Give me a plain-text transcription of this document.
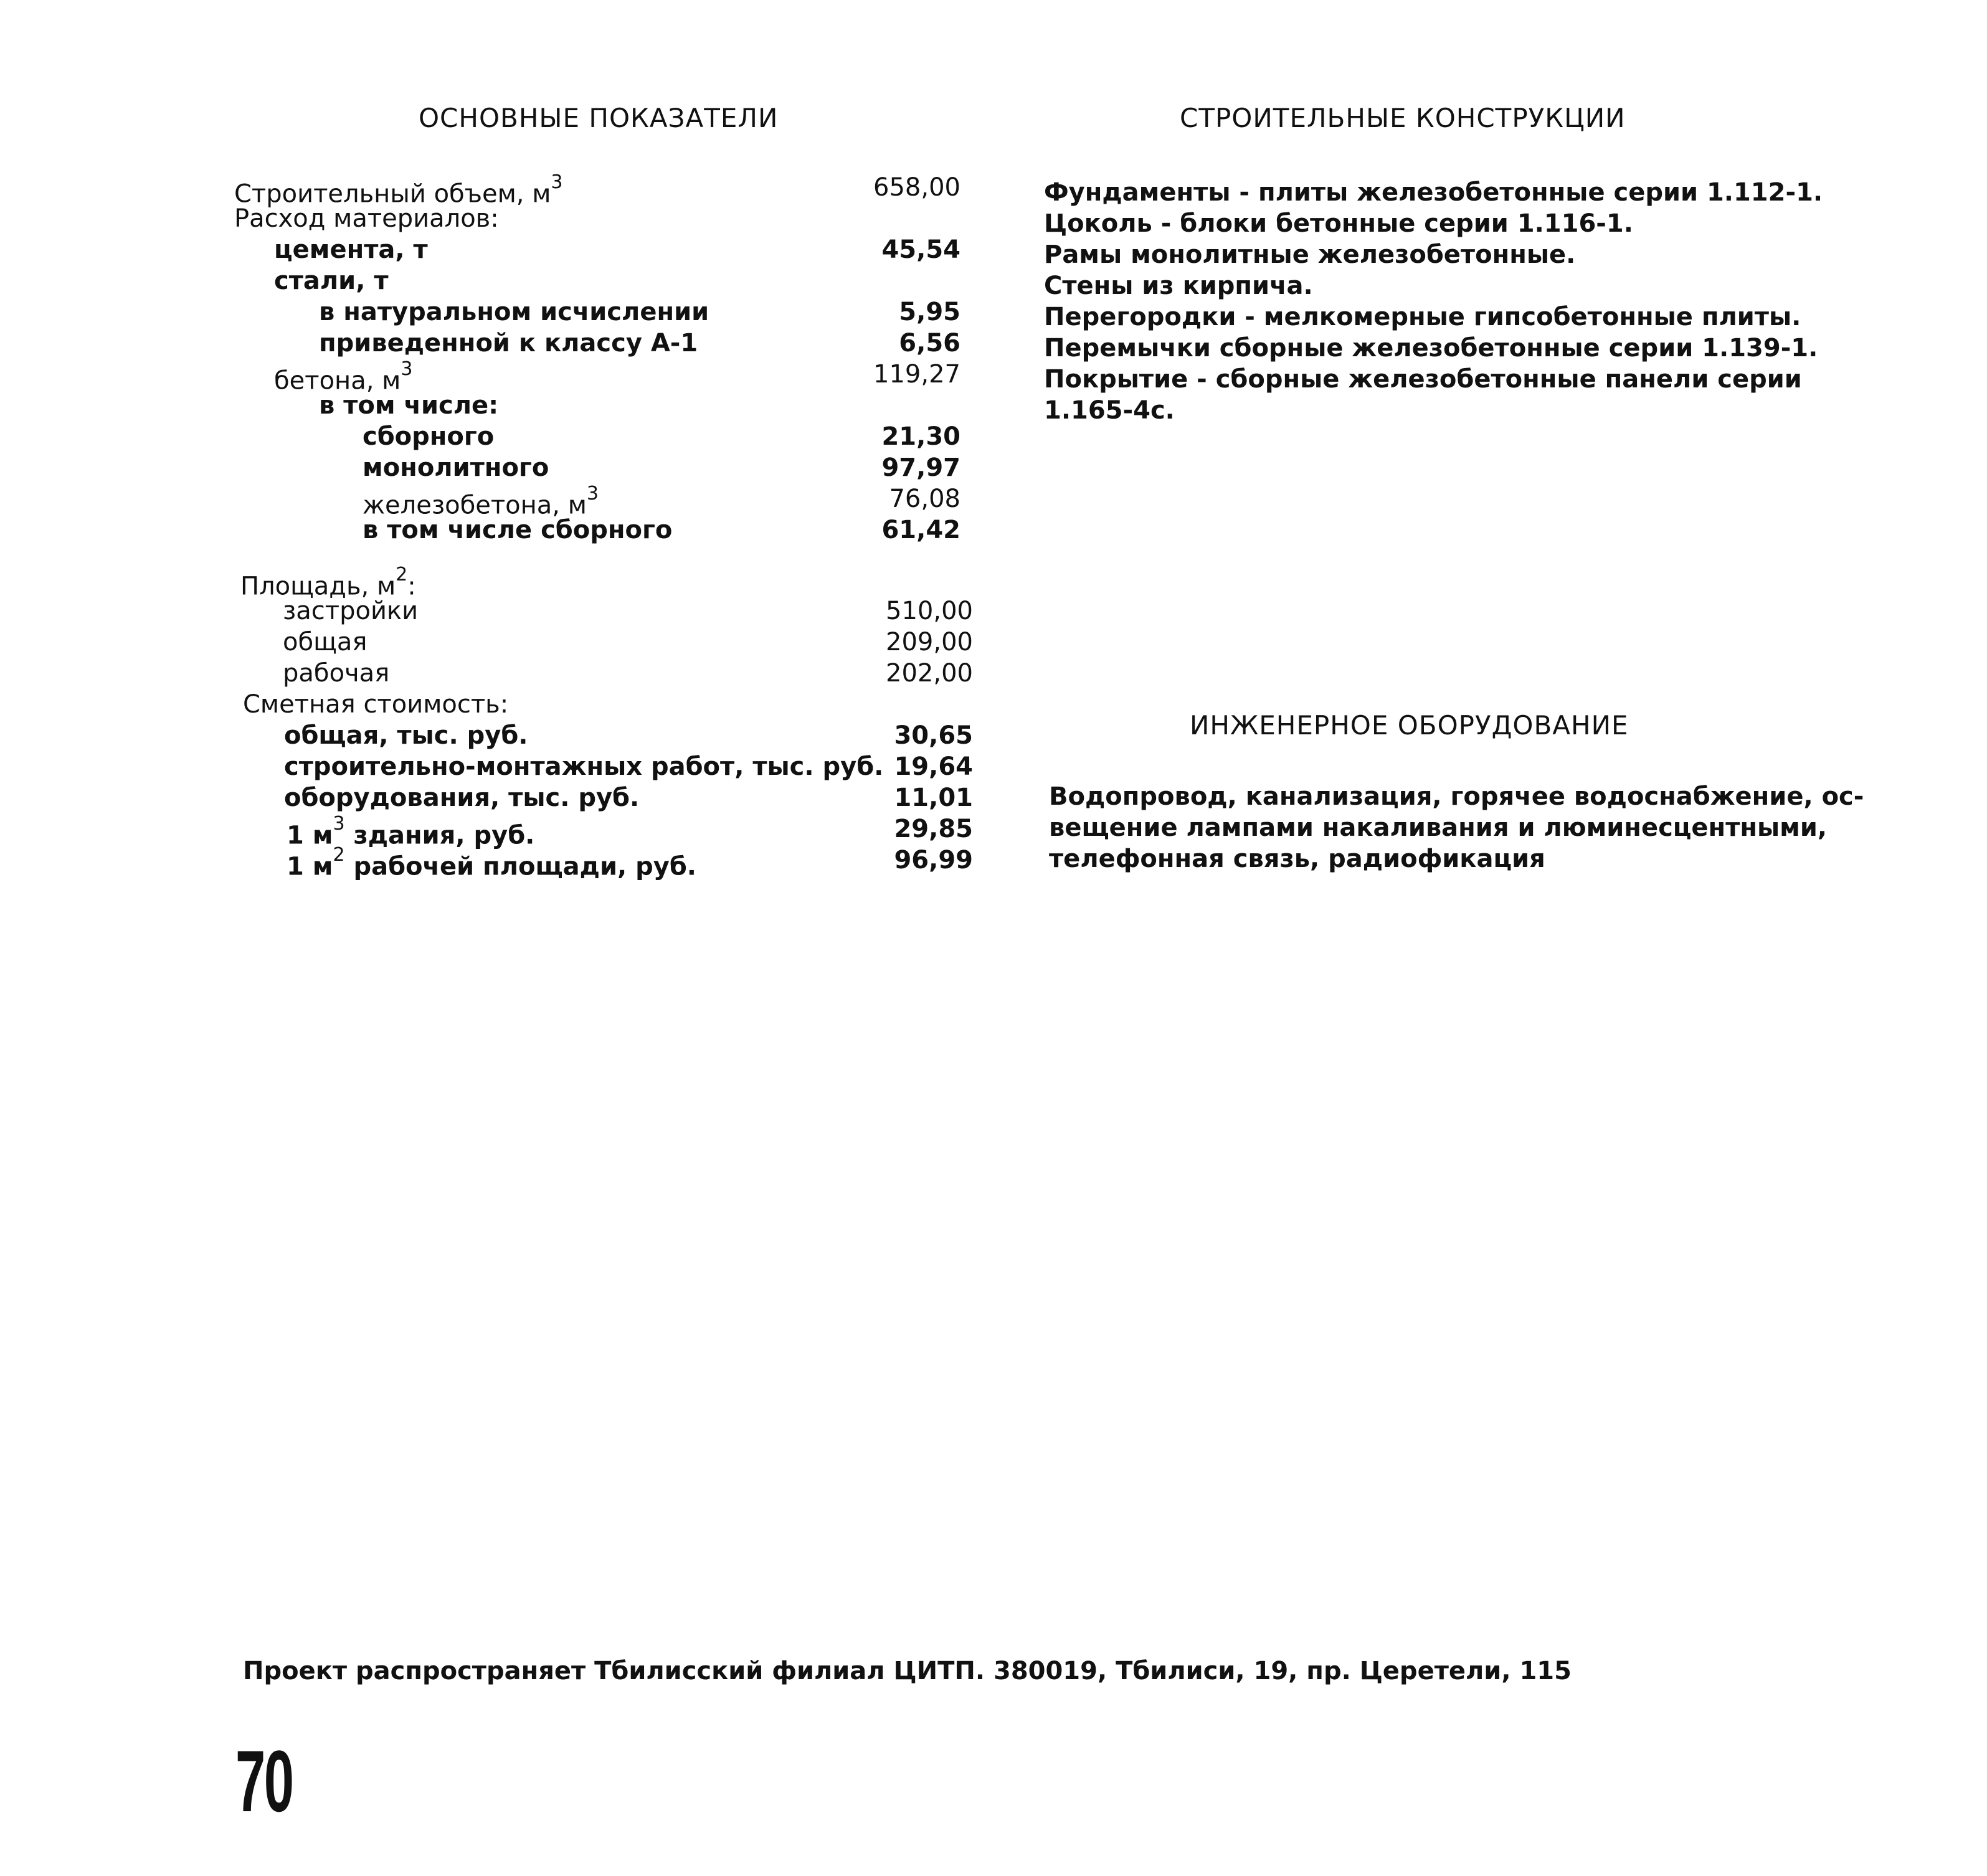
ОСНОВНЫЕ ПОКАЗАТЕЛИ
Строительный объем, $м^3$	658,00
Расход материалов:
цемента, т	45,54
стали, т
в натуральном исчислении	5,95
приведенной к классу А-1	6,56
бетона, $м^3$	119,27
в том числе:
сборного	21,30
монолитного	97,97
железобетона, $м^3$	76,08
в том числе сборного	61,42
Площадь, $м^2$:
застройки	510,00
общая	209,00
рабочая	202,00
Сметная стоимость:
общая, тыс. руб.	30,65
строительно-монтажных работ, тыс. руб. 19,64
оборудования, тыс. руб.	11,01
1 $м^3$ здания, руб.	29,85
1 $м^2$ рабочей площади, руб.	96,99
СТРОИТЕЛЬНЫЕ КОНСТРУКЦИИ
Фундаменты - плиты железобетонные серии 1.112-1.
Цоколь - блоки бетонные серии 1.116-1.
Рамы монолитные железобетонные.
Стены из кирпича.
Перегородки - мелкомерные гипсобетонные плиты.
Перемычки сборные железобетонные серии 1.139-1.
Покрытие - сборные железобетонные панели серии
1.165-4с.
ИНЖЕНЕРНОЕ ОБОРУДОВАНИЕ
Водопровод, канализация, горячее водоснабжение, ос-
вещение лампами накаливания и люминесцентными,
телефонная связь, радиофикация
Проект распространяет Тбилисский филиал ЦИТП. 380019, Тбилиси, 19, пр. Церетели, 115
70
